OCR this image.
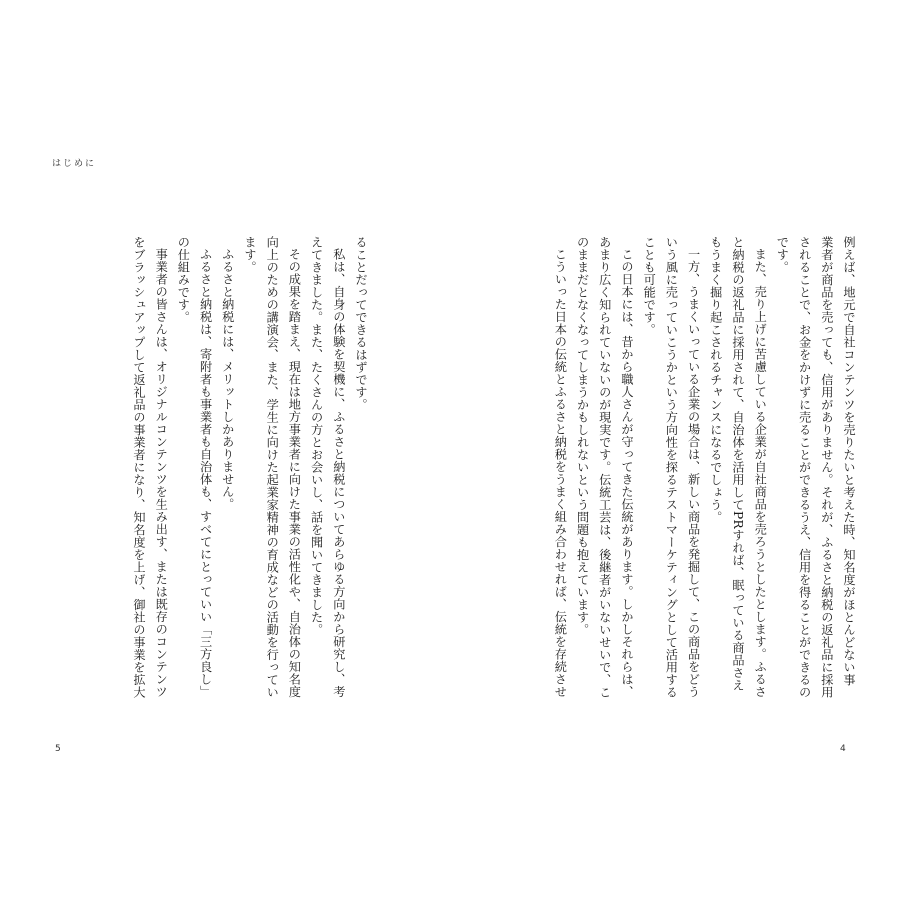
はじめに

例えば、地元で自社コンテンツを売りたいと考えた時、知名度がほとんどない事

業者が商品を売っても、信用がありません。それが、ふるさと納税の返礼品に採用

されることで、お金をかけずに売ることができるうえ、信用を得ることができるの

です。

また、売り上げに苦慮している企業が自社商品を売ろうとしたとします。ふるさ

と納税の返礼品に採用されて、自治体を活用してPRすれば、眠っている商品さえ

もうまく掘り起こされるチャンスになるでしょう。

一方、うまくいっている企業の場合は、新しい商品を発掘して、この商品をどう

いう風に売っていこうかという方向性を探るテストマーケティングとして活用する

ことも可能です。

この日本には、昔から職人さんが守ってきた伝統があります。しかしそれらは、

あまり広く知られていないのが現実です。伝統工芸は、後継者がいないせいで、こ

のままだとなくなってしまうかもしれないという問題も抱えています。

こういった日本の伝統とふるさと納税をうまく組み合わせれば、伝統を存続させ

ることだってできるはずです。

私は、自身の体験を契機に、ふるさと納税についてあらゆる方向から研究し、考

えてきました。また、たくさんの方とお会いし、話を聞いてきました。

その成果を踏まえ、現在は地方事業者に向けた事業の活性化や、自治体の知名度

向上のための講演会、また、学生に向けた起業家精神の育成などの活動を行ってい

ます。

ふるさと納税には、メリットしかありません。

ふるさと納税は、寄附者も事業者も自治体も、すべてにとっていい「三方良し」

の仕組みです。

事業者の皆さんは、オリジナルコンテンツを生み出す、または既存のコンテンツ

をブラッシュアップして返礼品の事業者になり、知名度を上げ、御社の事業を拡大

5	4
